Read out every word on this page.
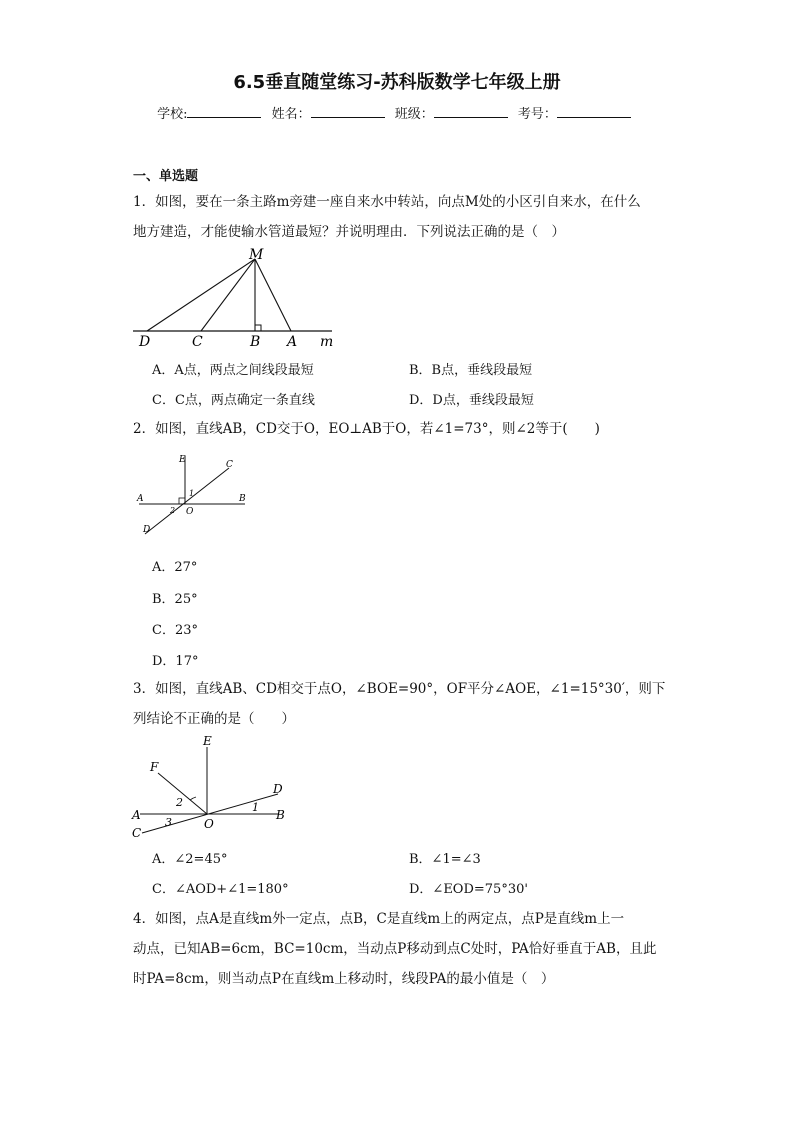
6.5垂直随堂练习-苏科版数学七年级上册
学校:	姓名：	班级：	考号：
一、单选题
1．如图，要在一条主路m旁建一座自来水中转站，向点M处的小区引自来水，在什么
地方建造，才能使输水管道最短？并说明理由．下列说法正确的是（　）
M
D	C	B A m
A．A点，两点之间线段最短	B．B点，垂线段最短
C．C点，两点确定一条直线	D．D点，垂线段最短
2．如图，直线AB，CD交于O，EO⊥AB于O，若∠1=73°，则∠2等于(　　)
E	C
A	B
O
D
1
2
A．27°
B．25°
C．23°
D．17°
3．如图，直线AB、CD相交于点O，∠BOE=90°，OF平分∠AOE，∠1=15°30′，则下
列结论不正确的是（　　）
E
F
D
A	B
C
O
1
2
3
A．∠2=45°	B．∠1=∠3
C．∠AOD+∠1=180°	D．∠EOD=75°30'
4．如图，点A是直线m外一定点，点B，C是直线m上的两定点，点P是直线m上一
动点，已知AB=6cm，BC=10cm，当动点P移动到点C处时，PA恰好垂直于AB，且此
时PA=8cm，则当动点P在直线m上移动时，线段PA的最小值是（　）
